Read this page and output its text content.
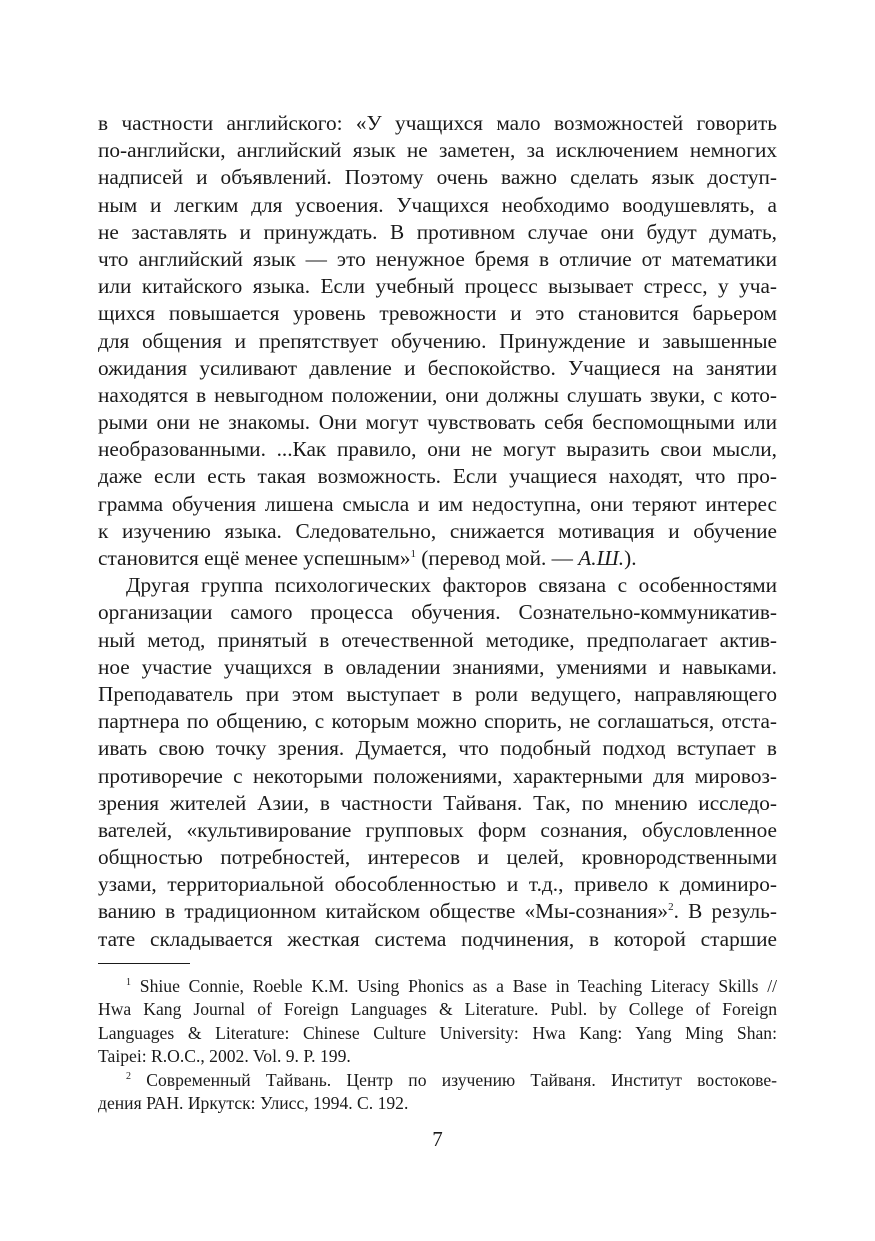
в частности английского: «У учащихся мало возможностей говорить
по-английски, английский язык не заметен, за исключением немногих
надписей и объявлений. Поэтому очень важно сделать язык доступ-
ным и легким для усвоения. Учащихся необходимо воодушевлять, а
не заставлять и принуждать. В противном случае они будут думать,
что английский язык — это ненужное бремя в отличие от математики
или китайского языка. Если учебный процесс вызывает стресс, у уча-
щихся повышается уровень тревожности и это становится барьером
для общения и препятствует обучению. Принуждение и завышенные
ожидания усиливают давление и беспокойство. Учащиеся на занятии
находятся в невыгодном положении, они должны слушать звуки, с кото-
рыми они не знакомы. Они могут чувствовать себя беспомощными или
необразованными. ...Как правило, они не могут выразить свои мысли,
даже если есть такая возможность. Если учащиеся находят, что про-
грамма обучения лишена смысла и им недоступна, они теряют интерес
к изучению языка. Следовательно, снижается мотивация и обучение
становится ещё менее успешным»$^1$ (перевод мой. — А.Ш.).
Другая группа психологических факторов связана с особенностями
организации самого процесса обучения. Сознательно-коммуникатив-
ный метод, принятый в отечественной методике, предполагает актив-
ное участие учащихся в овладении знаниями, умениями и навыками.
Преподаватель при этом выступает в роли ведущего, направляющего
партнера по общению, с которым можно спорить, не соглашаться, отста-
ивать свою точку зрения. Думается, что подобный подход вступает в
противоречие с некоторыми положениями, характерными для мировоз-
зрения жителей Азии, в частности Тайваня. Так, по мнению исследо-
вателей, «культивирование групповых форм сознания, обусловленное
общностью потребностей, интересов и целей, кровнородственными
узами, территориальной обособленностью и т.д., привело к доминиро-
ванию в традиционном китайском обществе «Мы-сознания»$^2$. В резуль-
тате складывается жесткая система подчинения, в которой старшие
$^1$ Shiue Connie, Roeble K.M. Using Phonics as a Base in Teaching Literacy Skills //
Hwa Kang Journal of Foreign Languages & Literature. Publ. by College of Foreign
Languages & Literature: Chinese Culture University: Hwa Kang: Yang Ming Shan:
Taipei: R.O.C., 2002. Vol. 9. P. 199.
$^2$ Современный Тайвань. Центр по изучению Тайваня. Институт востокове-
дения РАН. Иркутск: Улисс, 1994. С. 192.
7
